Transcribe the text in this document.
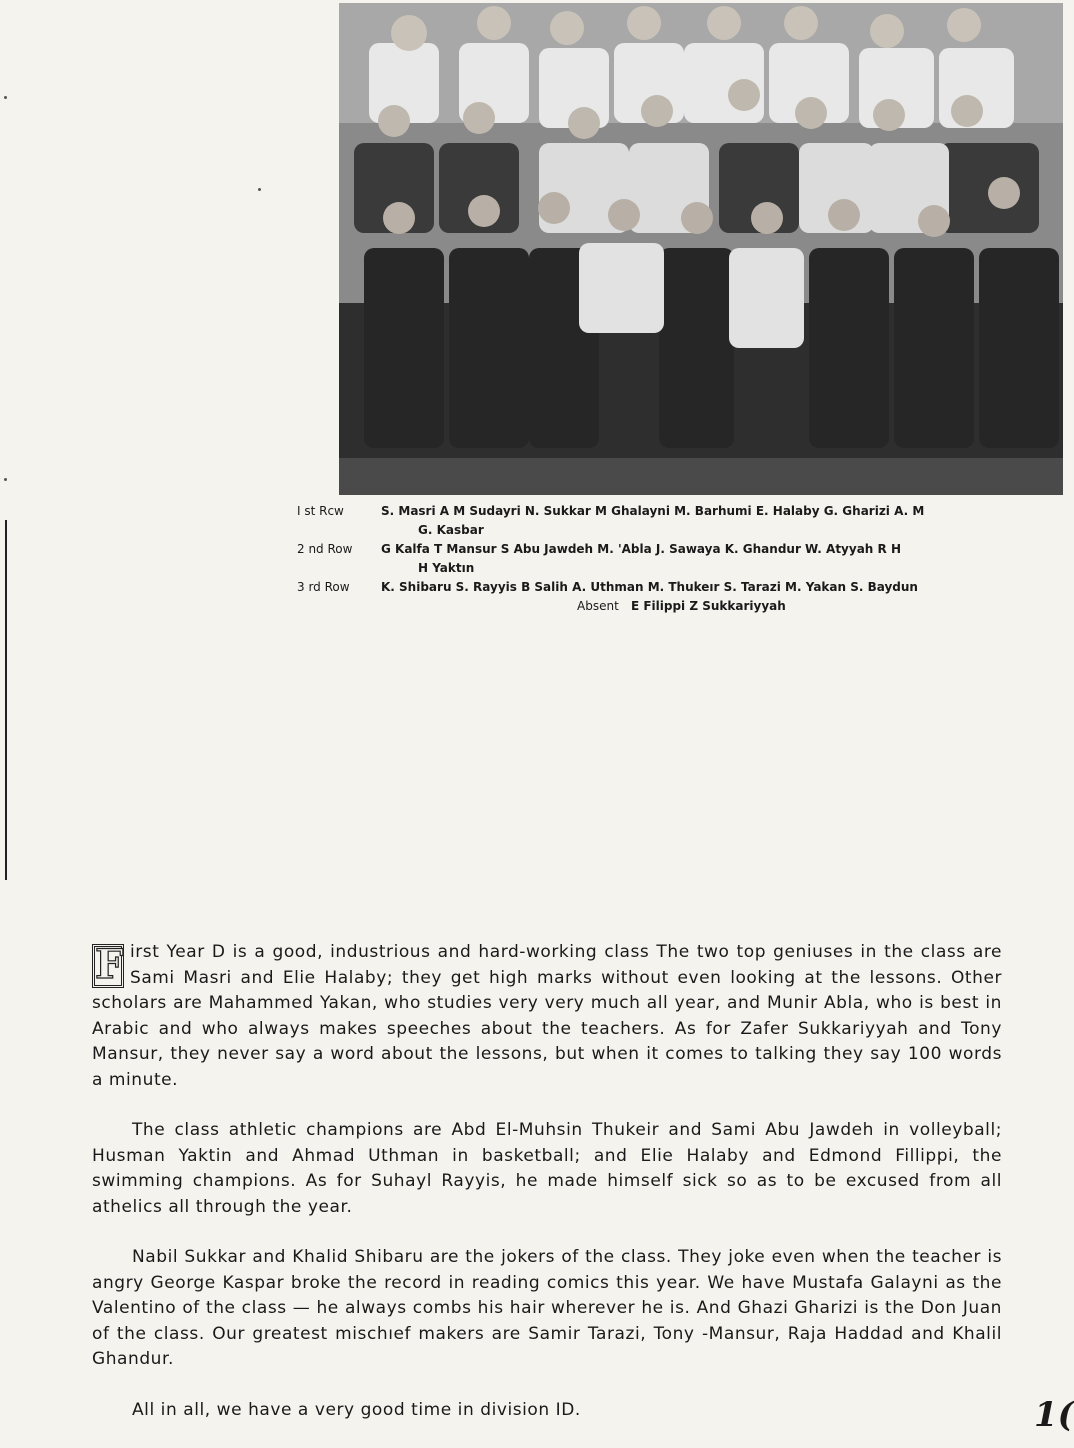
I st Rcw	S. Masri A M Sudayri N. Sukkar M Ghalayni M. Barhumi E. Halaby G. Gharizi A. M
G. Kasbar
2 nd Row	G Kalfa T Mansur S Abu Jawdeh M. 'Abla J. Sawaya K. Ghandur W. Atyyah R H
H Yaktın
3 rd Row	K. Shibaru S. Rayyis B Salih A. Uthman M. Thukeır S. Tarazi M. Yakan S. Baydun
Absent E Filippi Z Sukkariyyah

F irst Year D is a good, industrious and hard-working class The two top geniuses in the class are Sami Masri and Elie Halaby; they get high marks without even looking at the lessons. Other scholars are Mahammed Yakan, who studies very very much all year, and Munir Abla, who is best in Arabic and who always makes speeches about the teachers. As for Zafer Sukkariyyah and Tony Mansur, they never say a word about the lessons, but when it comes to talking they say 100 words a minute.

The class athletic champions are Abd El-Muhsin Thukeir and Sami Abu Jawdeh in volleyball; Husman Yaktin and Ahmad Uthman in basketball; and Elie Halaby and Edmond Fillippi, the swimming champions. As for Suhayl Rayyis, he made himself sick so as to be excused from all athelics all through the year.

Nabil Sukkar and Khalid Shibaru are the jokers of the class. They joke even when the teacher is angry George Kaspar broke the record in reading comics this year. We have Mustafa Galayni as the Valentino of the class — he always combs his hair wherever he is. And Ghazi Gharizi is the Don Juan of the class. Our greatest mischıef makers are Samir Tarazi, Tony -Mansur, Raja Haddad and Khalil Ghandur.

All in all, we have a very good time in division ID.	1(
